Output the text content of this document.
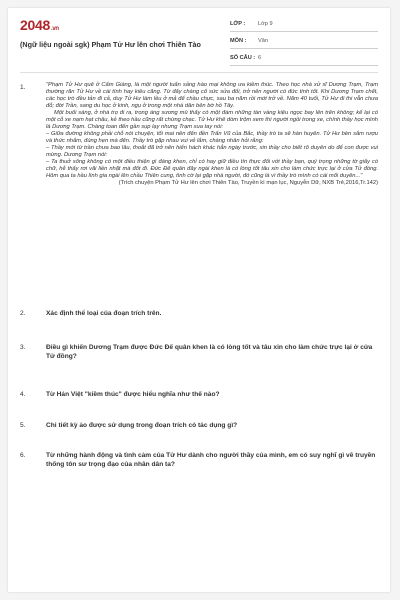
2048.vn
(Ngữ liệu ngoài sgk) Phạm Tử Hư lên chơi Thiên Tào
LỚP :	Lớp 9
MÔN :	Văn
SỐ CÂU : 6
1.	"Phạm Tử Hư quê ở Cẩm Giàng, là một người tuấn sảng hào mại không ưa kiềm thúc. Theo học nhà xử sĩ Dương Trạm, Trạm thường răn Tử Hư về cái tính hay kiêu căng. Từ đấy chàng cố sức sửa đổi, trở nên người có đức tính tốt. Khi Dương Trạm chết, các học trò đều tản đi cả, duy Tử Hư làm lều ở mả để chầu chực, sau ba năm rồi mới trở về. Năm 40 tuổi, Tử Hư đi thi vẫn chưa đỗ; đời Trần, sang du học ở kinh, ngụ ở trong một nhà dân bên bờ hồ Tây.

Một buổi sáng, ở nhà trọ đi ra, trong áng sương mù thấy có một đám những tàn vàng kiệu ngọc bay lên trên không; kế lại có một cỗ xe nạm hạt châu, kẻ theo hầu cũng rất chừng chạc. Tử Hư khẽ dòm trộm xem thì người ngồi trong xe, chính thầy học mình là Dương Trạm. Chàng toan đến gần sụp lạy nhưng Trạm xua tay nói:

– Giữa đường không phải chỗ nói chuyện, tối mai nên đến đền Trấn Vũ của Bắc, thầy trò ta sẽ hàn huyên. Tử Hư bèn sắm rượu và thức nhắm, đúng hẹn mà đến. Thầy trò gặp nhau vui vẻ lắm, chàng nhân hỏi rằng:

– Thầy mới từ trần chưa bao lâu, thoắt đã trở nên hiển hách khác hẳn ngày trước, xin thầy cho biết rõ duyên do để con được vui mừng. Dương Trạm nói:

– Ta thuở sống không có một điều thiện gì đáng khen, chỉ có hay giữ điều tín thực đối với thầy bạn, quý trọng những tờ giấy có chữ, hễ thấy rơi vãi liền nhặt mà đốt đi. Đức Đế quân đây ngài khen là có lòng tốt tâu xin cho làm chức trực lại ở cửa Tử đồng. Hôm qua ta hầu lính gia ngài lên chầu Thiên cung, tình cờ lại gặp nhà người, đó cũng là vì thầy trò mình có cái mối duyên..."

(Trích chuyện Phạm Tử Hư lên chơi Thiên Tào, Truyền kì mạn lục, Nguyễn Dữ, NXB Trẻ,2016,Tr.142)
2.	Xác định thể loại của đoạn trích trên.
3.	Điều gì khiến Dương Trạm được Đức Đế quân khen là có lòng tốt và tâu xin cho làm chức trực lại ở cửa Tử đồng?
4.	Từ Hán Việt "kiềm thúc" được hiểu nghĩa như thế nào?
5.	Chi tiết kỳ ảo được sử dụng trong đoạn trích có tác dụng gì?
6.	Từ những hành động và tình cảm của Tử Hư dành cho người thầy của mình, em có suy nghĩ gì về truyền thống tôn sư trọng đạo của nhân dân ta?
